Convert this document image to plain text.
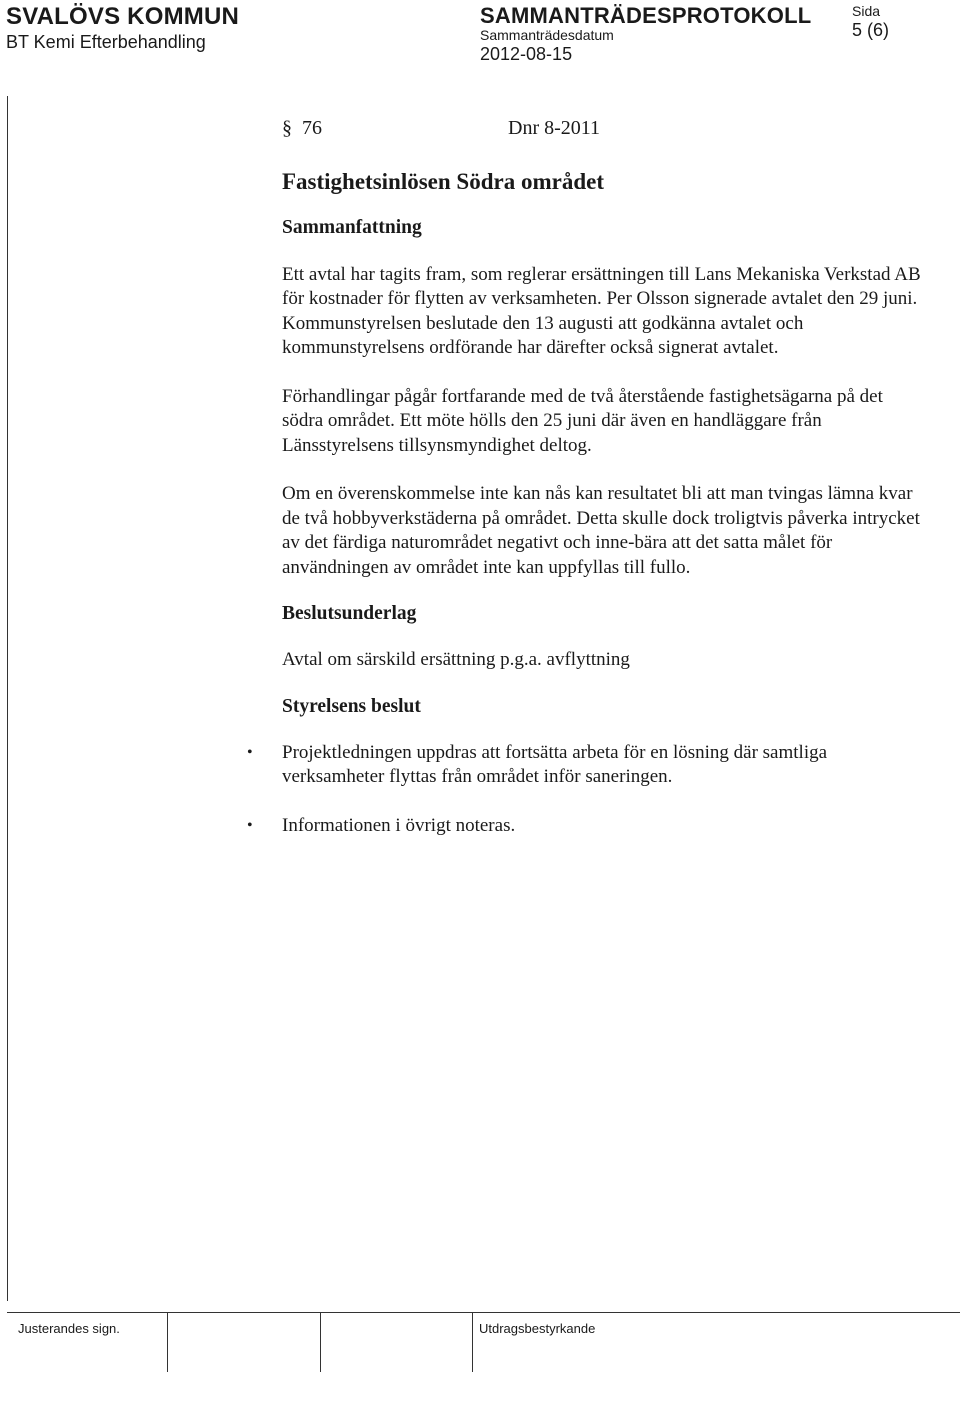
SVALÖVS KOMMUN
BT Kemi Efterbehandling
SAMMANTRÄDESPROTOKOLL
Sammanträdesdatum
2012-08-15
Sida
5 (6)
§ 76	Dnr 8-2011
Fastighetsinlösen Södra området
Sammanfattning

Ett avtal har tagits fram, som reglerar ersättningen till Lans Mekaniska Verkstad AB för kostnader för flytten av verksamheten. Per Olsson signerade avtalet den 29 juni. Kommunstyrelsen beslutade den 13 augusti att godkänna avtalet och kommunstyrelsens ordförande har därefter också signerat avtalet.

Förhandlingar pågår fortfarande med de två återstående fastighetsägarna på det södra området. Ett möte hölls den 25 juni där även en handläggare från Länsstyrelsens tillsynsmyndighet deltog.

Om en överenskommelse inte kan nås kan resultatet bli att man tvingas lämna kvar de två hobbyverkstäderna på området. Detta skulle dock troligtvis påverka intrycket av det färdiga naturområdet negativt och inne-bära att det satta målet för användningen av området inte kan uppfyllas till fullo.

Beslutsunderlag

Avtal om särskild ersättning p.g.a. avflyttning

Styrelsens beslut
•	Projektledningen uppdras att fortsätta arbeta för en lösning där samtliga verksamheter flyttas från området inför saneringen.
•	Informationen i övrigt noteras.
Justerandes sign.	Utdragsbestyrkande
